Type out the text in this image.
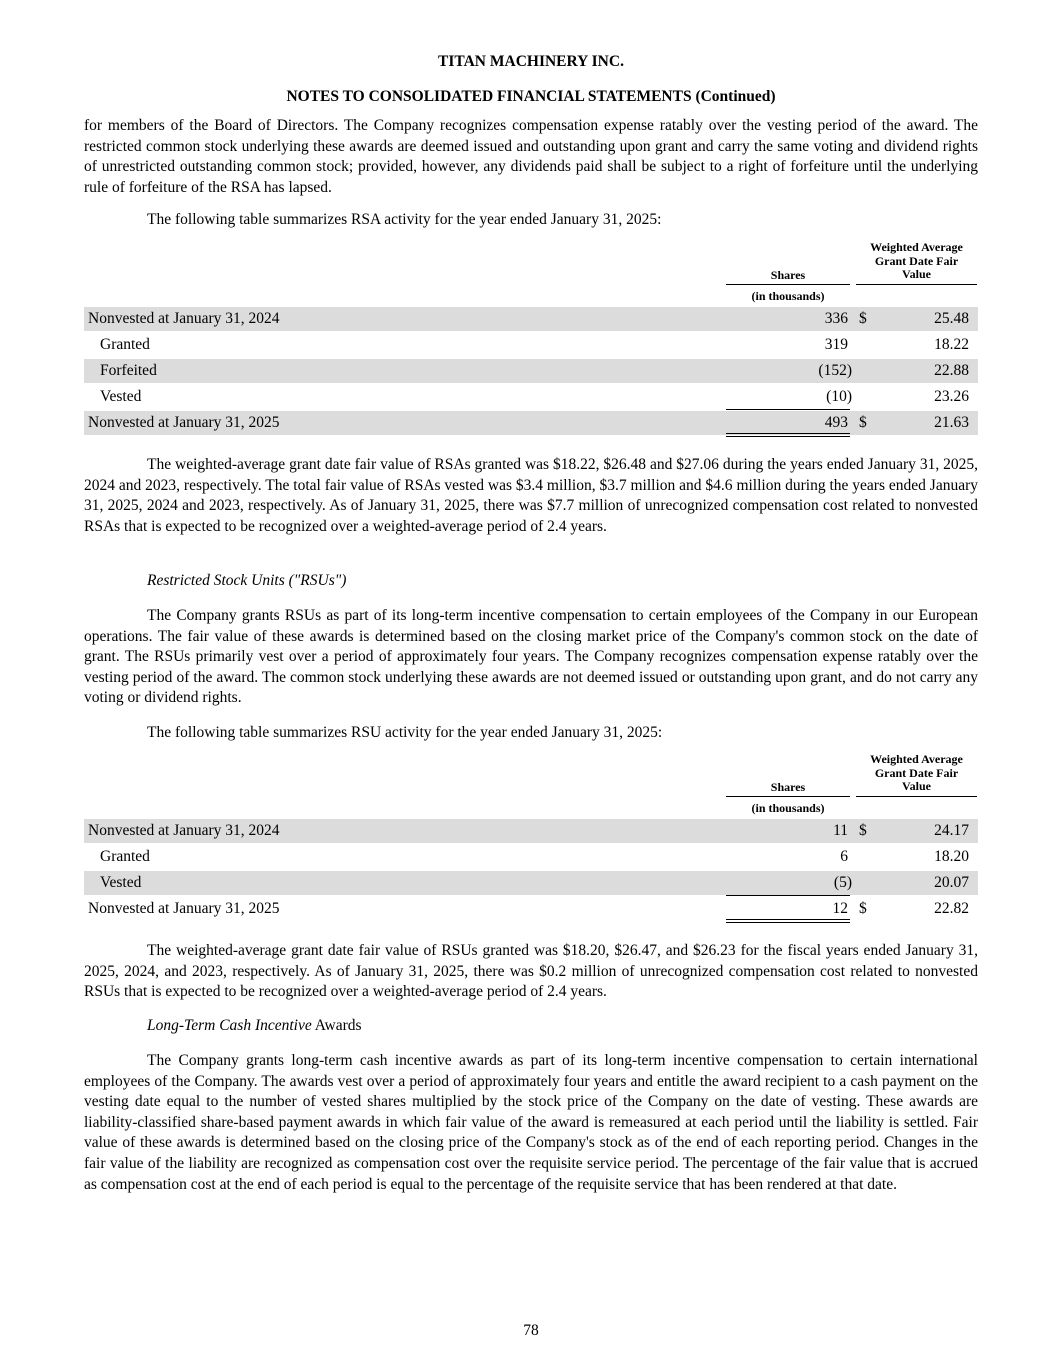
TITAN MACHINERY INC.
NOTES TO CONSOLIDATED FINANCIAL STATEMENTS (Continued)

for members of the Board of Directors. The Company recognizes compensation expense ratably over the vesting period of the award. The restricted common stock underlying these awards are deemed issued and outstanding upon grant and carry the same voting and dividend rights of unrestricted outstanding common stock; provided, however, any dividends paid shall be subject to a right of forfeiture until the underlying rule of forfeiture of the RSA has lapsed.

The following table summarizes RSA activity for the year ended January 31, 2025:

Weighted Average
Grant Date Fair
Value
Shares
(in thousands)
Nonvested at January 31, 2024	336 $	25.48
Granted	319	18.22
Forfeited	(152)	22.88
Vested	(10)	23.26
Nonvested at January 31, 2025	493 $	21.63

The weighted-average grant date fair value of RSAs granted was $18.22, $26.48 and $27.06 during the years ended January 31, 2025, 2024 and 2023, respectively. The total fair value of RSAs vested was $3.4 million, $3.7 million and $4.6 million during the years ended January 31, 2025, 2024 and 2023, respectively. As of January 31, 2025, there was $7.7 million of unrecognized compensation cost related to nonvested RSAs that is expected to be recognized over a weighted-average period of 2.4 years.

Restricted Stock Units ("RSUs")

The Company grants RSUs as part of its long-term incentive compensation to certain employees of the Company in our European operations. The fair value of these awards is determined based on the closing market price of the Company's common stock on the date of grant. The RSUs primarily vest over a period of approximately four years. The Company recognizes compensation expense ratably over the vesting period of the award. The common stock underlying these awards are not deemed issued or outstanding upon grant, and do not carry any voting or dividend rights.

The following table summarizes RSU activity for the year ended January 31, 2025:

Weighted Average
Grant Date Fair
Value
Shares
(in thousands)
Nonvested at January 31, 2024	11 $	24.17
Granted	6	18.20
Vested	(5)	20.07
Nonvested at January 31, 2025	12 $	22.82

The weighted-average grant date fair value of RSUs granted was $18.20, $26.47, and $26.23 for the fiscal years ended January 31, 2025, 2024, and 2023, respectively. As of January 31, 2025, there was $0.2 million of unrecognized compensation cost related to nonvested RSUs that is expected to be recognized over a weighted-average period of 2.4 years.

Long-Term Cash Incentive Awards

The Company grants long-term cash incentive awards as part of its long-term incentive compensation to certain international employees of the Company. The awards vest over a period of approximately four years and entitle the award recipient to a cash payment on the vesting date equal to the number of vested shares multiplied by the stock price of the Company on the date of vesting. These awards are liability-classified share-based payment awards in which fair value of the award is remeasured at each period until the liability is settled. Fair value of these awards is determined based on the closing price of the Company's stock as of the end of each reporting period. Changes in the fair value of the liability are recognized as compensation cost over the requisite service period. The percentage of the fair value that is accrued as compensation cost at the end of each period is equal to the percentage of the requisite service that has been rendered at that date.

78
